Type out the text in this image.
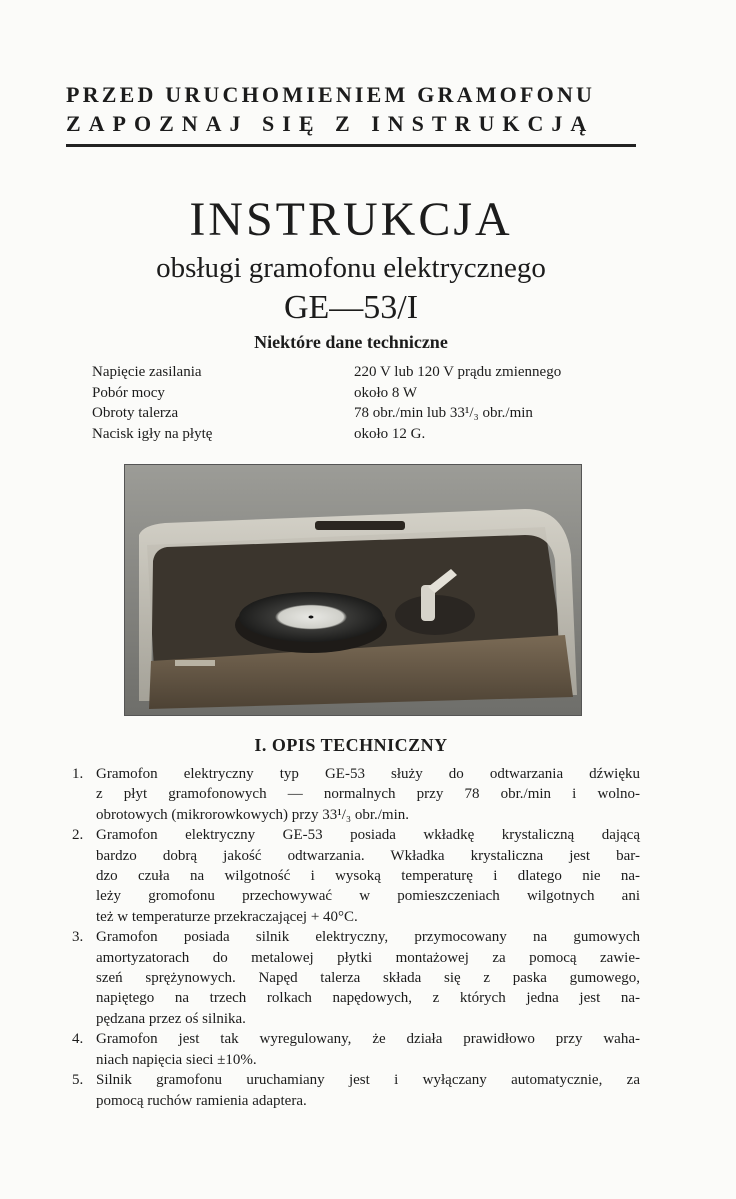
PRZED URUCHOMIENIEM GRAMOFONU
ZAPOZNAJ SIĘ Z INSTRUKCJĄ
INSTRUKCJA
obsługi gramofonu elektrycznego
GE—53/I
Niektóre dane techniczne
Napięcie zasilania	220 V lub 120 V prądu zmiennego
Pobór mocy	około 8 W
Obroty talerza	78 obr./min lub 33¹/₃ obr./min
Nacisk igły na płytę	około 12 G.
I. OPIS TECHNICZNY
1. Gramofon elektryczny typ GE-53 służy do odtwarzania dźwięku
z płyt gramofonowych — normalnych przy 78 obr./min i wolno-
obrotowych (mikrorowkowych) przy 33¹/₃ obr./min.
2. Gramofon elektryczny GE-53 posiada wkładkę krystaliczną dającą
bardzo dobrą jakość odtwarzania. Wkładka krystaliczna jest bar-
dzo czuła na wilgotność i wysoką temperaturę i dlatego nie na-
leży gromofonu przechowywać w pomieszczeniach wilgotnych ani
też w temperaturze przekraczającej + 40°C.
3. Gramofon posiada silnik elektryczny, przymocowany na gumowych
amortyzatorach do metalowej płytki montażowej za pomocą zawie-
szeń sprężynowych. Napęd talerza składa się z paska gumowego,
napiętego na trzech rolkach napędowych, z których jedna jest na-
pędzana przez oś silnika.
4. Gramofon jest tak wyregulowany, że działa prawidłowo przy waha-
niach napięcia sieci ±10%.
5. Silnik gramofonu uruchamiany jest i wyłączany automatycznie, za
pomocą ruchów ramienia adaptera.
